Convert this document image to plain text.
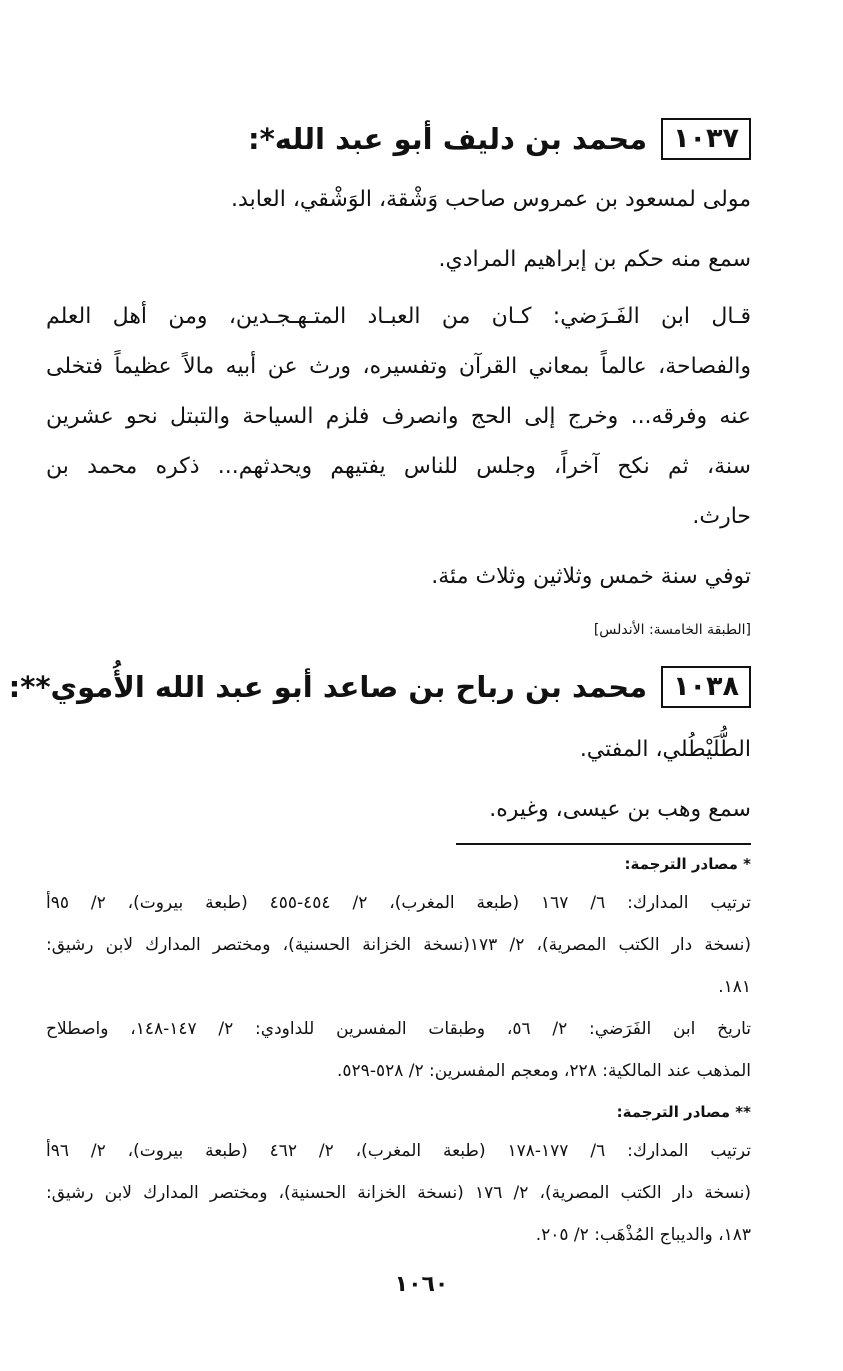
١٠٣٧
محمد بن دليف أبو عبد الله*:
مولى لمسعود بن عمروس صاحب وَشْقة، الوَشْقي، العابد.
سمع منه حكم بن إبراهيم المرادي.
قـال ابن الفَـرَضي: كـان من العبـاد المتـهـجـدين، ومن أهل العلم
والفصاحة، عالماً بمعاني القرآن وتفسيره، ورث عن أبيه مالاً عظيماً فتخلى
عنه وفرقه... وخرج إلى الحج وانصرف فلزم السياحة والتبتل نحو عشرين
سنة، ثم نكح آخراً، وجلس للناس يفتيهم ويحدثهم... ذكره محمد بن
حارث.
توفي سنة خمس وثلاثين وثلاث مئة.
[الطبقة الخامسة: الأندلس]
١٠٣٨
محمد بن رباح بن صاعد أبو عبد الله الأُموي**:
الطُّلَيْطُلي، المفتي.
سمع وهب بن عيسى، وغيره.
* مصادر الترجمة:
ترتيب المدارك: ٦/ ١٦٧ (طبعة المغرب)، ٢/ ٤٥٤-٤٥٥ (طبعة بيروت)، ٢/ ٩٥أ
(نسخة دار الكتب المصرية)، ٢/ ١٧٣(نسخة الخزانة الحسنية)، ومختصر المدارك لابن رشيق:
١٨١.
تاريخ ابن الفَرَضي: ٢/ ٥٦، وطبقات المفسرين للداودي: ٢/ ١٤٧-١٤٨، واصطلاح
المذهب عند المالكية: ٢٢٨، ومعجم المفسرين: ٢/ ٥٢٨-٥٢٩.
** مصادر الترجمة:
ترتيب المدارك: ٦/ ١٧٧-١٧٨ (طبعة المغرب)، ٢/ ٤٦٢ (طبعة بيروت)، ٢/ ٩٦أ
(نسخة دار الكتب المصرية)، ٢/ ١٧٦ (نسخة الخزانة الحسنية)، ومختصر المدارك لابن رشيق:
١٨٣، والديباج المُذْهَب: ٢/ ٢٠٥.
١٠٦٠
